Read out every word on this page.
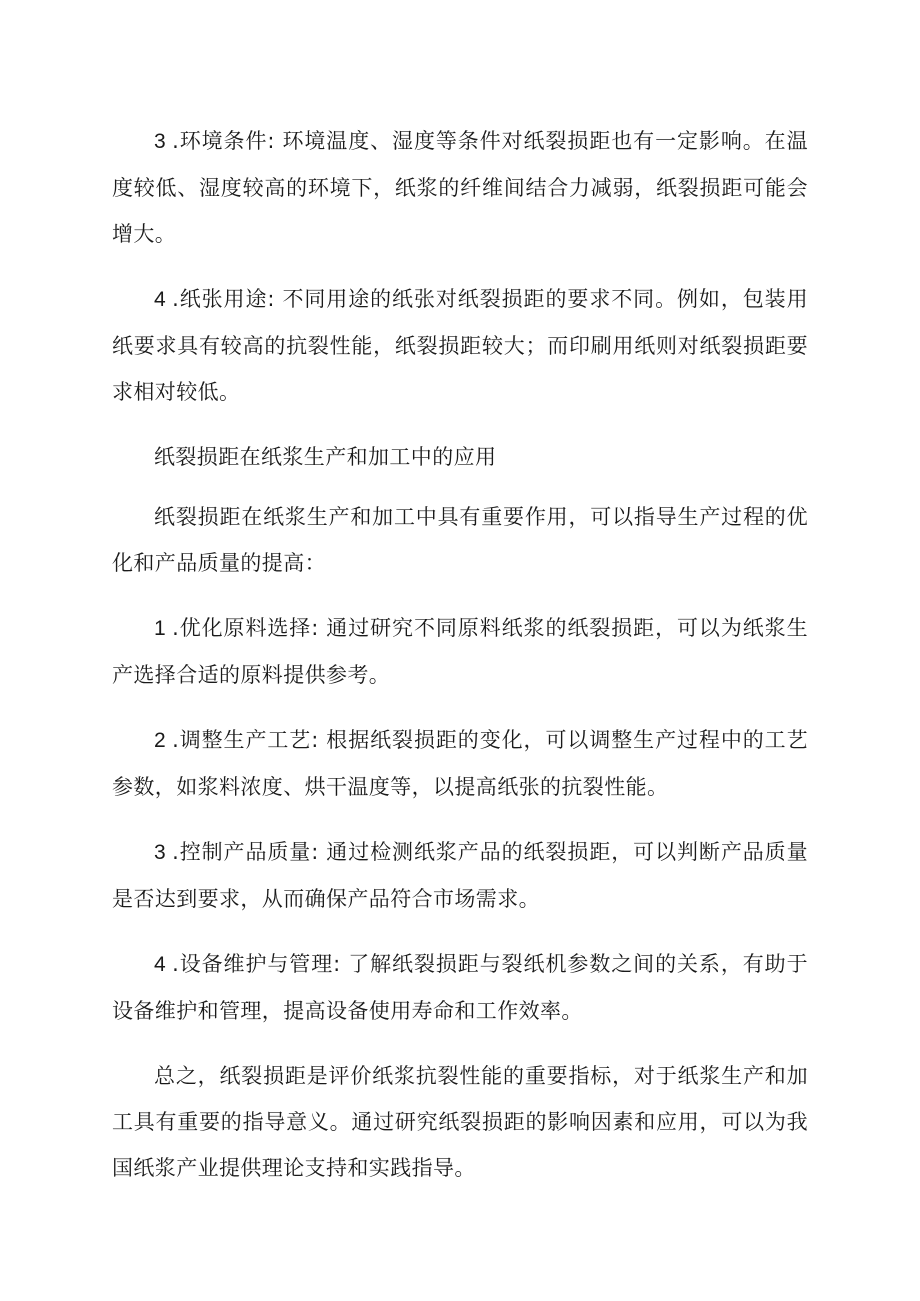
3 .环境条件: 环境温度、湿度等条件对纸裂损距也有一定影响。在温度较低、湿度较高的环境下，纸浆的纤维间结合力减弱，纸裂损距可能会增大。

4 .纸张用途: 不同用途的纸张对纸裂损距的要求不同。例如，包装用纸要求具有较高的抗裂性能，纸裂损距较大；而印刷用纸则对纸裂损距要求相对较低。

纸裂损距在纸浆生产和加工中的应用

纸裂损距在纸浆生产和加工中具有重要作用，可以指导生产过程的优化和产品质量的提高：

1 .优化原料选择: 通过研究不同原料纸浆的纸裂损距，可以为纸浆生产选择合适的原料提供参考。

2 .调整生产工艺: 根据纸裂损距的变化，可以调整生产过程中的工艺参数，如浆料浓度、烘干温度等，以提高纸张的抗裂性能。

3 .控制产品质量: 通过检测纸浆产品的纸裂损距，可以判断产品质量是否达到要求，从而确保产品符合市场需求。

4 .设备维护与管理: 了解纸裂损距与裂纸机参数之间的关系，有助于设备维护和管理，提高设备使用寿命和工作效率。

总之，纸裂损距是评价纸浆抗裂性能的重要指标，对于纸浆生产和加工具有重要的指导意义。通过研究纸裂损距的影响因素和应用，可以为我国纸浆产业提供理论支持和实践指导。
